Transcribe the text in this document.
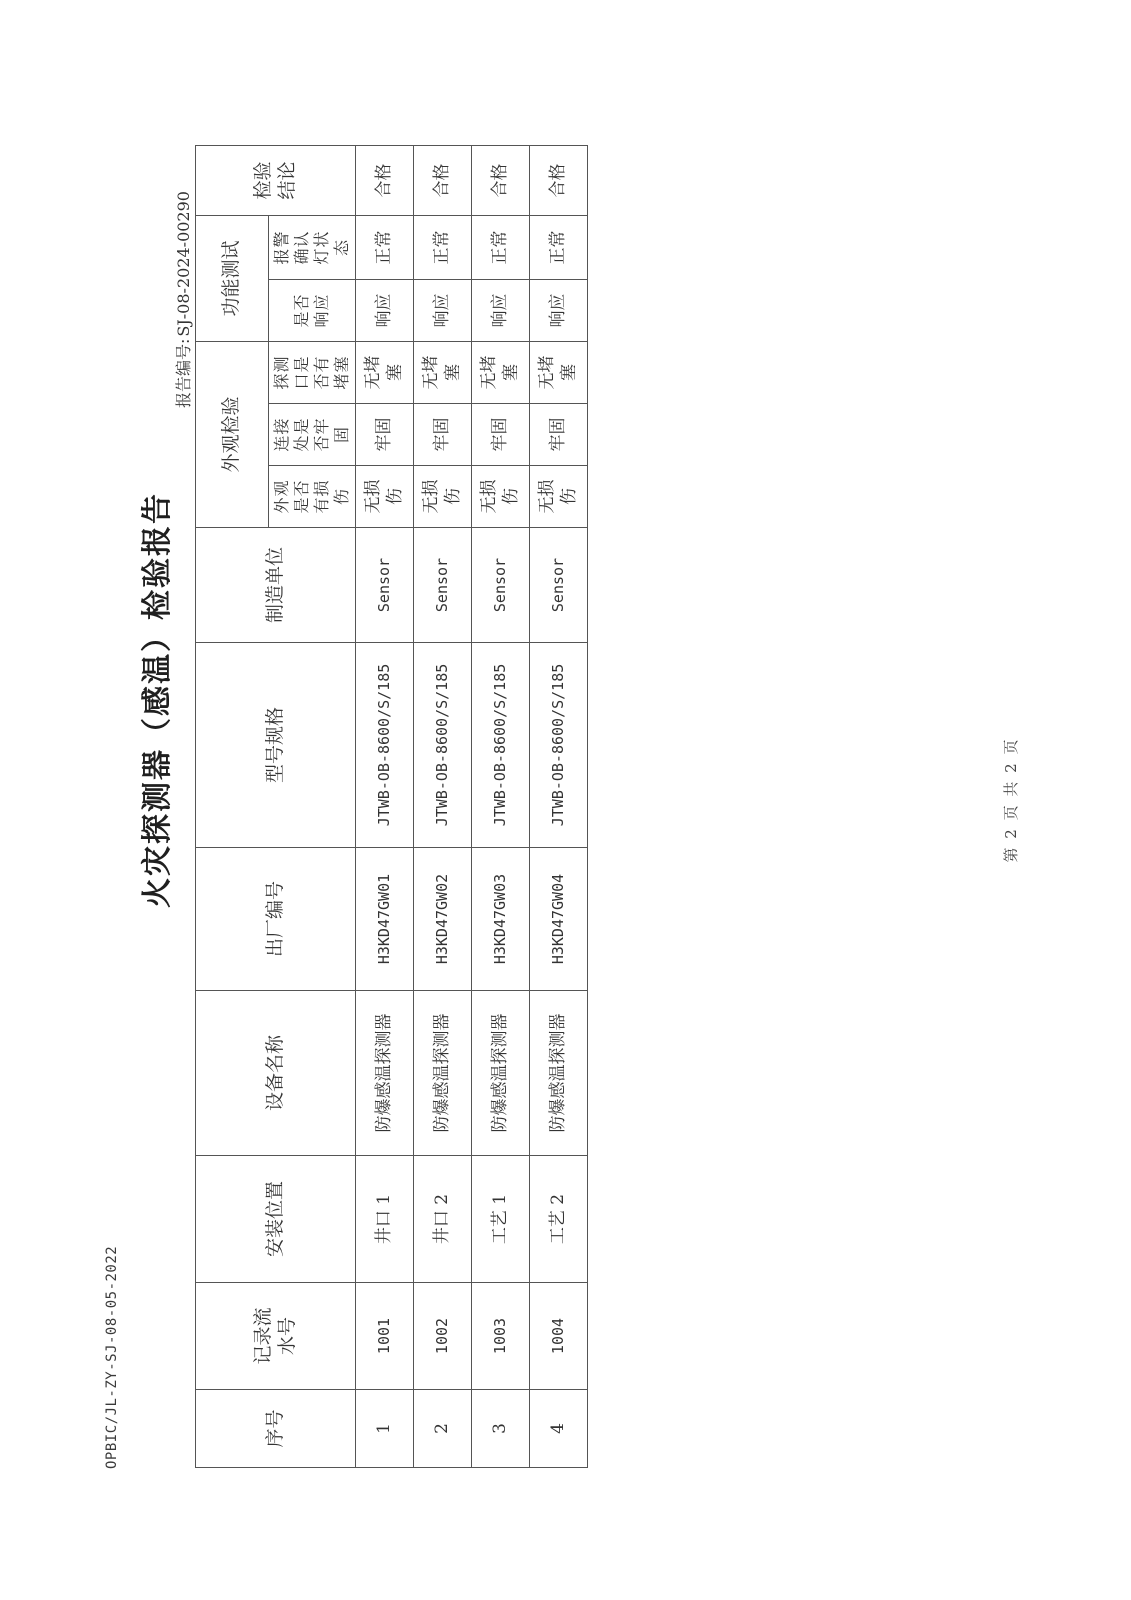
OPBIC/JL-ZY-SJ-08-05-2022
报告编号:SJ-08-2024-00290
火灾探测器（感温）检验报告
序号	记录流水号	安装位置	设备名称	出厂编号	型号规格	制造单位	外观检验			功能测试		检验结论
							外观是否有损伤	连接处是否牢固	探测口是否有堵塞	是否响应	报警确认灯状态	
1	1001	井口 1	防爆感温探测器	H3KD47GW01	JTWB-OB-8600/S/185	Sensor	无损伤	牢固	无堵塞	响应	正常	合格
2	1002	井口 2	防爆感温探测器	H3KD47GW02	JTWB-OB-8600/S/185	Sensor	无损伤	牢固	无堵塞	响应	正常	合格
3	1003	工艺 1	防爆感温探测器	H3KD47GW03	JTWB-OB-8600/S/185	Sensor	无损伤	牢固	无堵塞	响应	正常	合格
4	1004	工艺 2	防爆感温探测器	H3KD47GW04	JTWB-OB-8600/S/185	Sensor	无损伤	牢固	无堵塞	响应	正常	合格
第 2 页 共 2 页
